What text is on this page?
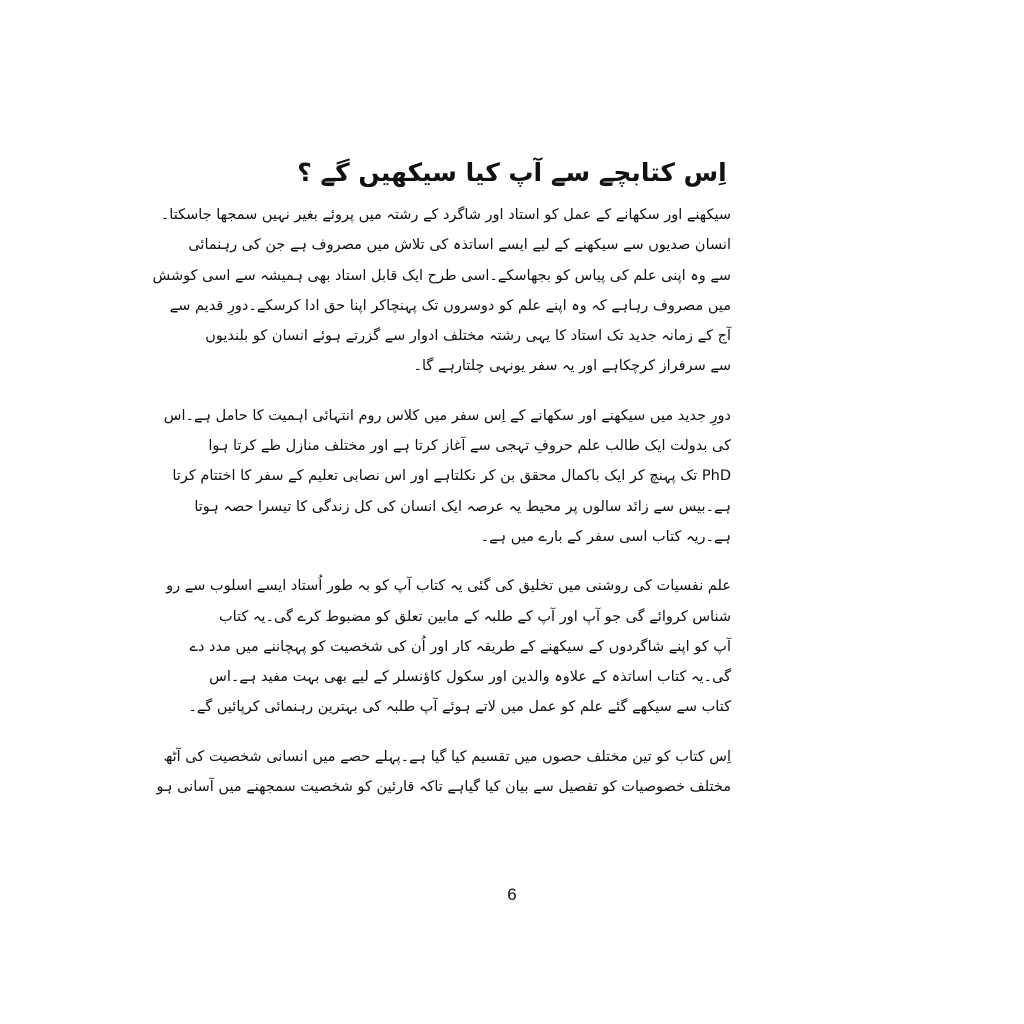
اِس کتابچے سے آپ کیا سیکھیں گے ؟
سیکھنے اور سکھانے کے عمل کو استاد اور شاگرد کے رشتہ میں پروئے بغیر نہیں سمجھا جاسکتا۔
انسان صدیوں سے سیکھنے کے لیے ایسے اساتذہ کی تلاش میں مصروف ہے جن کی رہنمائی
سے وہ اپنی علم کی پیاس کو بجھاسکے۔اسی طرح ایک قابل استاد بھی ہمیشہ سے اسی کوشش
میں مصروف رہاہے کہ وہ اپنے علم کو دوسروں تک پہنچاکر اپنا حق ادا کرسکے۔دورِ قدیم سے
آج کے زمانہ جدید تک استاد کا یہی رشتہ مختلف ادوار سے گزرتے ہوئے انسان کو بلندیوں
سے سرفراز کرچکاہے اور یہ سفر یونہی چلتارہے گا۔
دورِ جدید میں سیکھنے اور سکھانے کے اِس سفر میں کلاس روم انتہائی اہمیت کا حامل ہے۔اس
کی بدولت ایک طالب علم حروفِ تہجی سے آغاز کرتا ہے اور مختلف منازل طے کرتا ہوا
PhD تک پہنچ کر ایک باکمال محقق بن کر نکلتاہے اور اس نصابی تعلیم کے سفر کا اختتام کرتا
ہے۔بیس سے زائد سالوں پر محیط یہ عرصہ ایک انسان کی کل زندگی کا تیسرا حصہ ہوتا
ہے۔ریہ کتاب اسی سفر کے بارے میں ہے۔
علم نفسیات کی روشنی میں تخلیق کی گئی یہ کتاب آپ کو بہ طور اُستاد ایسے اسلوب سے رو
شناس کروائے گی جو آپ اور آپ کے طلبہ کے مابین تعلق کو مضبوط کرے گی۔یہ کتاب
آپ کو اپنے شاگردوں کے سیکھنے کے طریقہ کار اور اُن کی شخصیت کو پہچاننے میں مدد دے
گی۔یہ کتاب اساتذہ کے علاوہ والدین اور سکول کاؤنسلر کے لیے بھی بہت مفید ہے۔اس
کتاب سے سیکھے گئے علم کو عمل میں لاتے ہوئے آپ طلبہ کی بہترین رہنمائی کرپائیں گے۔
اِس کتاب کو تین مختلف حصوں میں تقسیم کیا گیا ہے۔پہلے حصے میں انسانی شخصیت کی آٹھ
مختلف خصوصیات کو تفصیل سے بیان کیا گیاہے تاکہ قارئین کو شخصیت سمجھنے میں آسانی ہو
6
